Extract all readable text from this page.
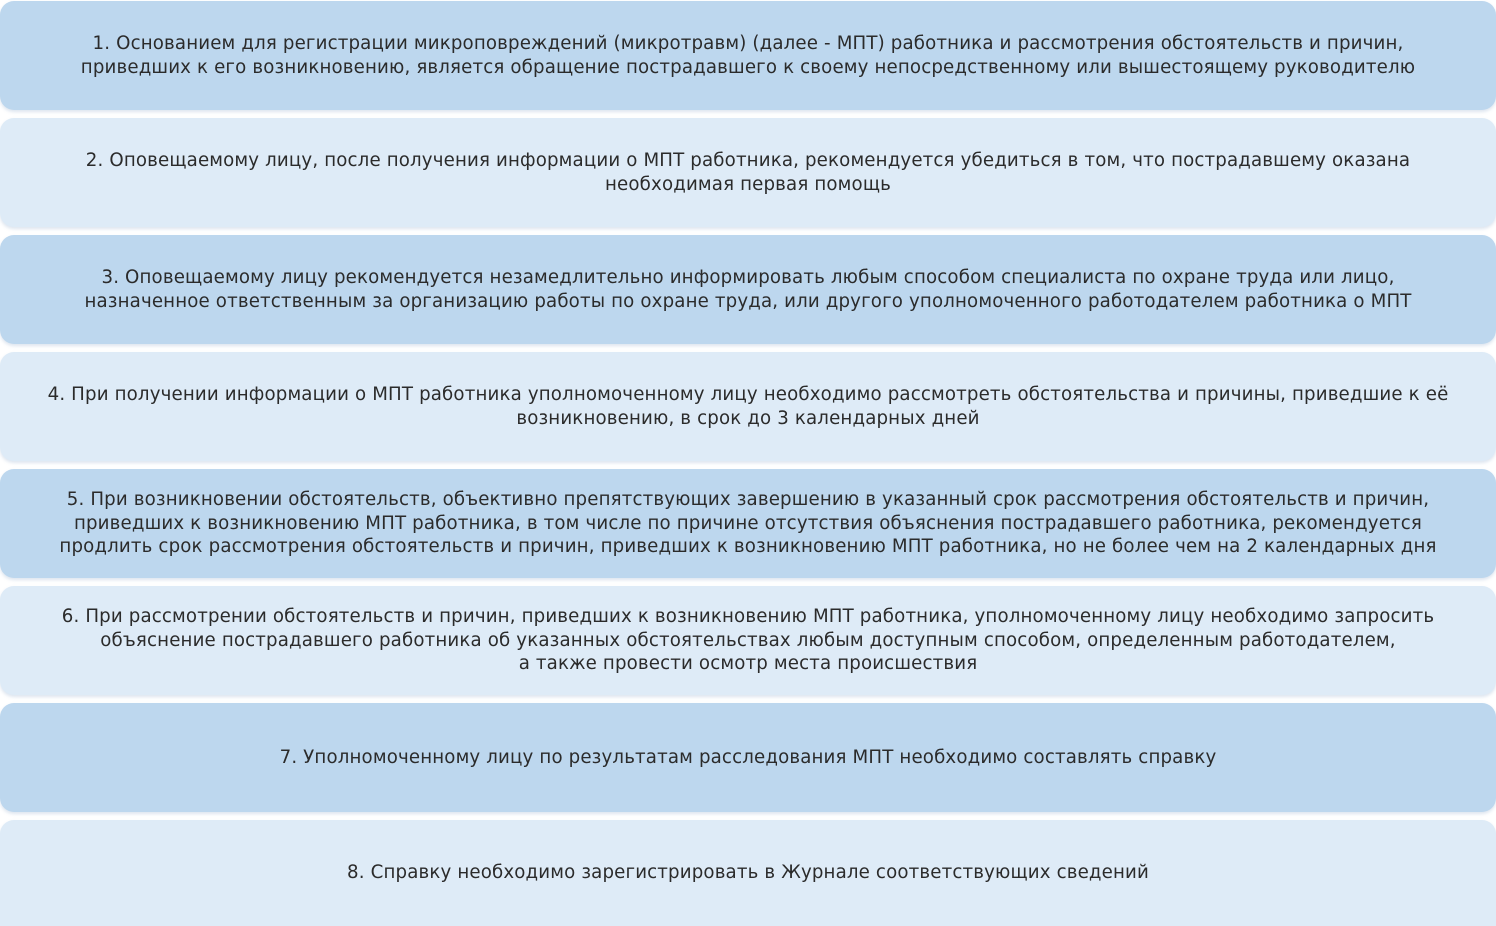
1. Основанием для регистрации микроповреждений (микротравм) (далее - МПТ) работника и рассмотрения обстоятельств и причин,
приведших к его возникновению, является обращение пострадавшего к своему непосредственному или вышестоящему руководителю
2. Оповещаемому лицу, после получения информации о МПТ работника, рекомендуется убедиться в том, что пострадавшему оказана
необходимая первая помощь
3. Оповещаемому лицу рекомендуется незамедлительно информировать любым способом специалиста по охране труда или лицо,
назначенное ответственным за организацию работы по охране труда, или другого уполномоченного работодателем работника о МПТ
4. При получении информации о МПТ работника уполномоченному лицу необходимо рассмотреть обстоятельства и причины, приведшие к её
возникновению, в срок до 3 календарных дней
5. При возникновении обстоятельств, объективно препятствующих завершению в указанный срок рассмотрения обстоятельств и причин,
приведших к возникновению МПТ работника, в том числе по причине отсутствия объяснения пострадавшего работника, рекомендуется
продлить срок рассмотрения обстоятельств и причин, приведших к возникновению МПТ работника, но не более чем на 2 календарных дня
6. При рассмотрении обстоятельств и причин, приведших к возникновению МПТ работника, уполномоченному лицу необходимо запросить
объяснение пострадавшего работника об указанных обстоятельствах любым доступным способом, определенным работодателем,
а также провести осмотр места происшествия
7. Уполномоченному лицу по результатам расследования МПТ необходимо составлять справку
8. Справку необходимо зарегистрировать в Журнале соответствующих сведений
